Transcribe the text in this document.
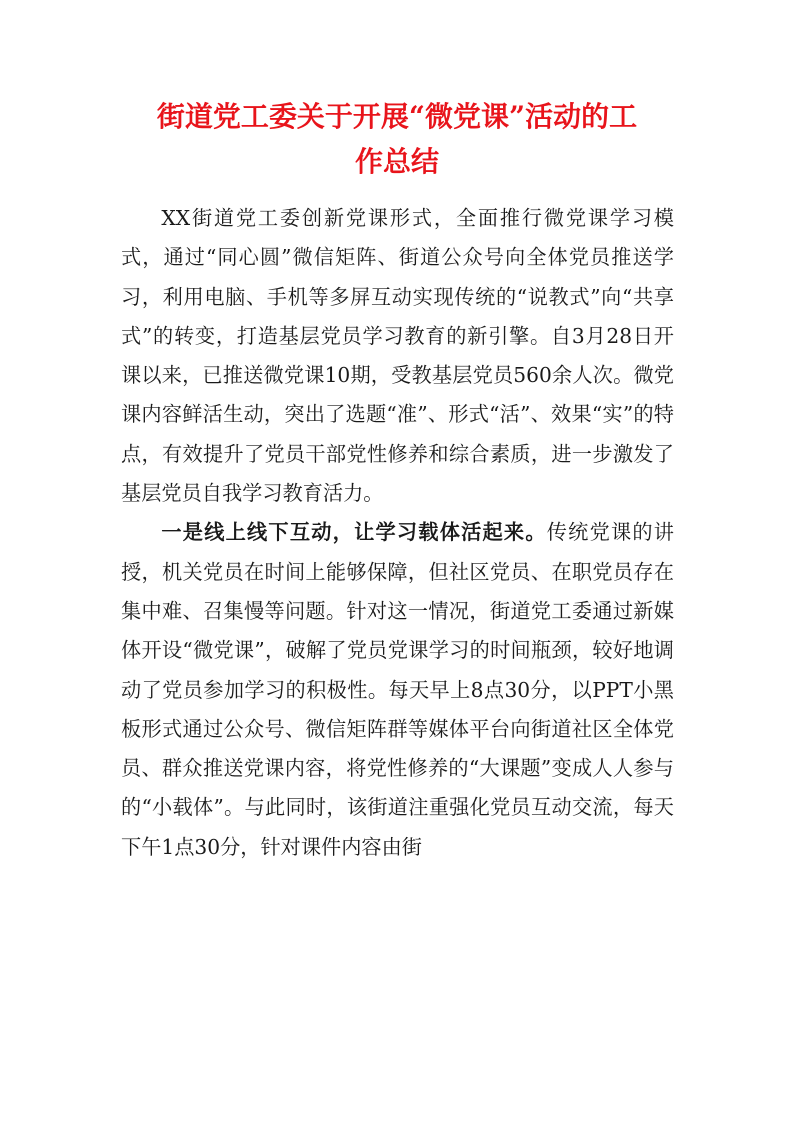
街道党工委关于开展“微党课”活动的工
作总结

XX街道党工委创新党课形式，全面推行微党课学习模式，通过“同心圆”微信矩阵、街道公众号向全体党员推送学习，利用电脑、手机等多屏互动实现传统的“说教式”向“共享式”的转变，打造基层党员学习教育的新引擎。自3月28日开课以来，已推送微党课10期，受教基层党员560余人次。微党课内容鲜活生动，突出了选题“准”、形式“活”、效果“实”的特点，有效提升了党员干部党性修养和综合素质，进一步激发了基层党员自我学习教育活力。

一是线上线下互动，让学习载体活起来。传统党课的讲授，机关党员在时间上能够保障，但社区党员、在职党员存在集中难、召集慢等问题。针对这一情况，街道党工委通过新媒体开设“微党课”，破解了党员党课学习的时间瓶颈，较好地调动了党员参加学习的积极性。每天早上8点30分，以PPT小黑板形式通过公众号、微信矩阵群等媒体平台向街道社区全体党员、群众推送党课内容，将党性修养的“大课题”变成人人参与的“小载体”。与此同时，该街道注重强化党员互动交流，每天下午1点30分，针对课件内容由街
